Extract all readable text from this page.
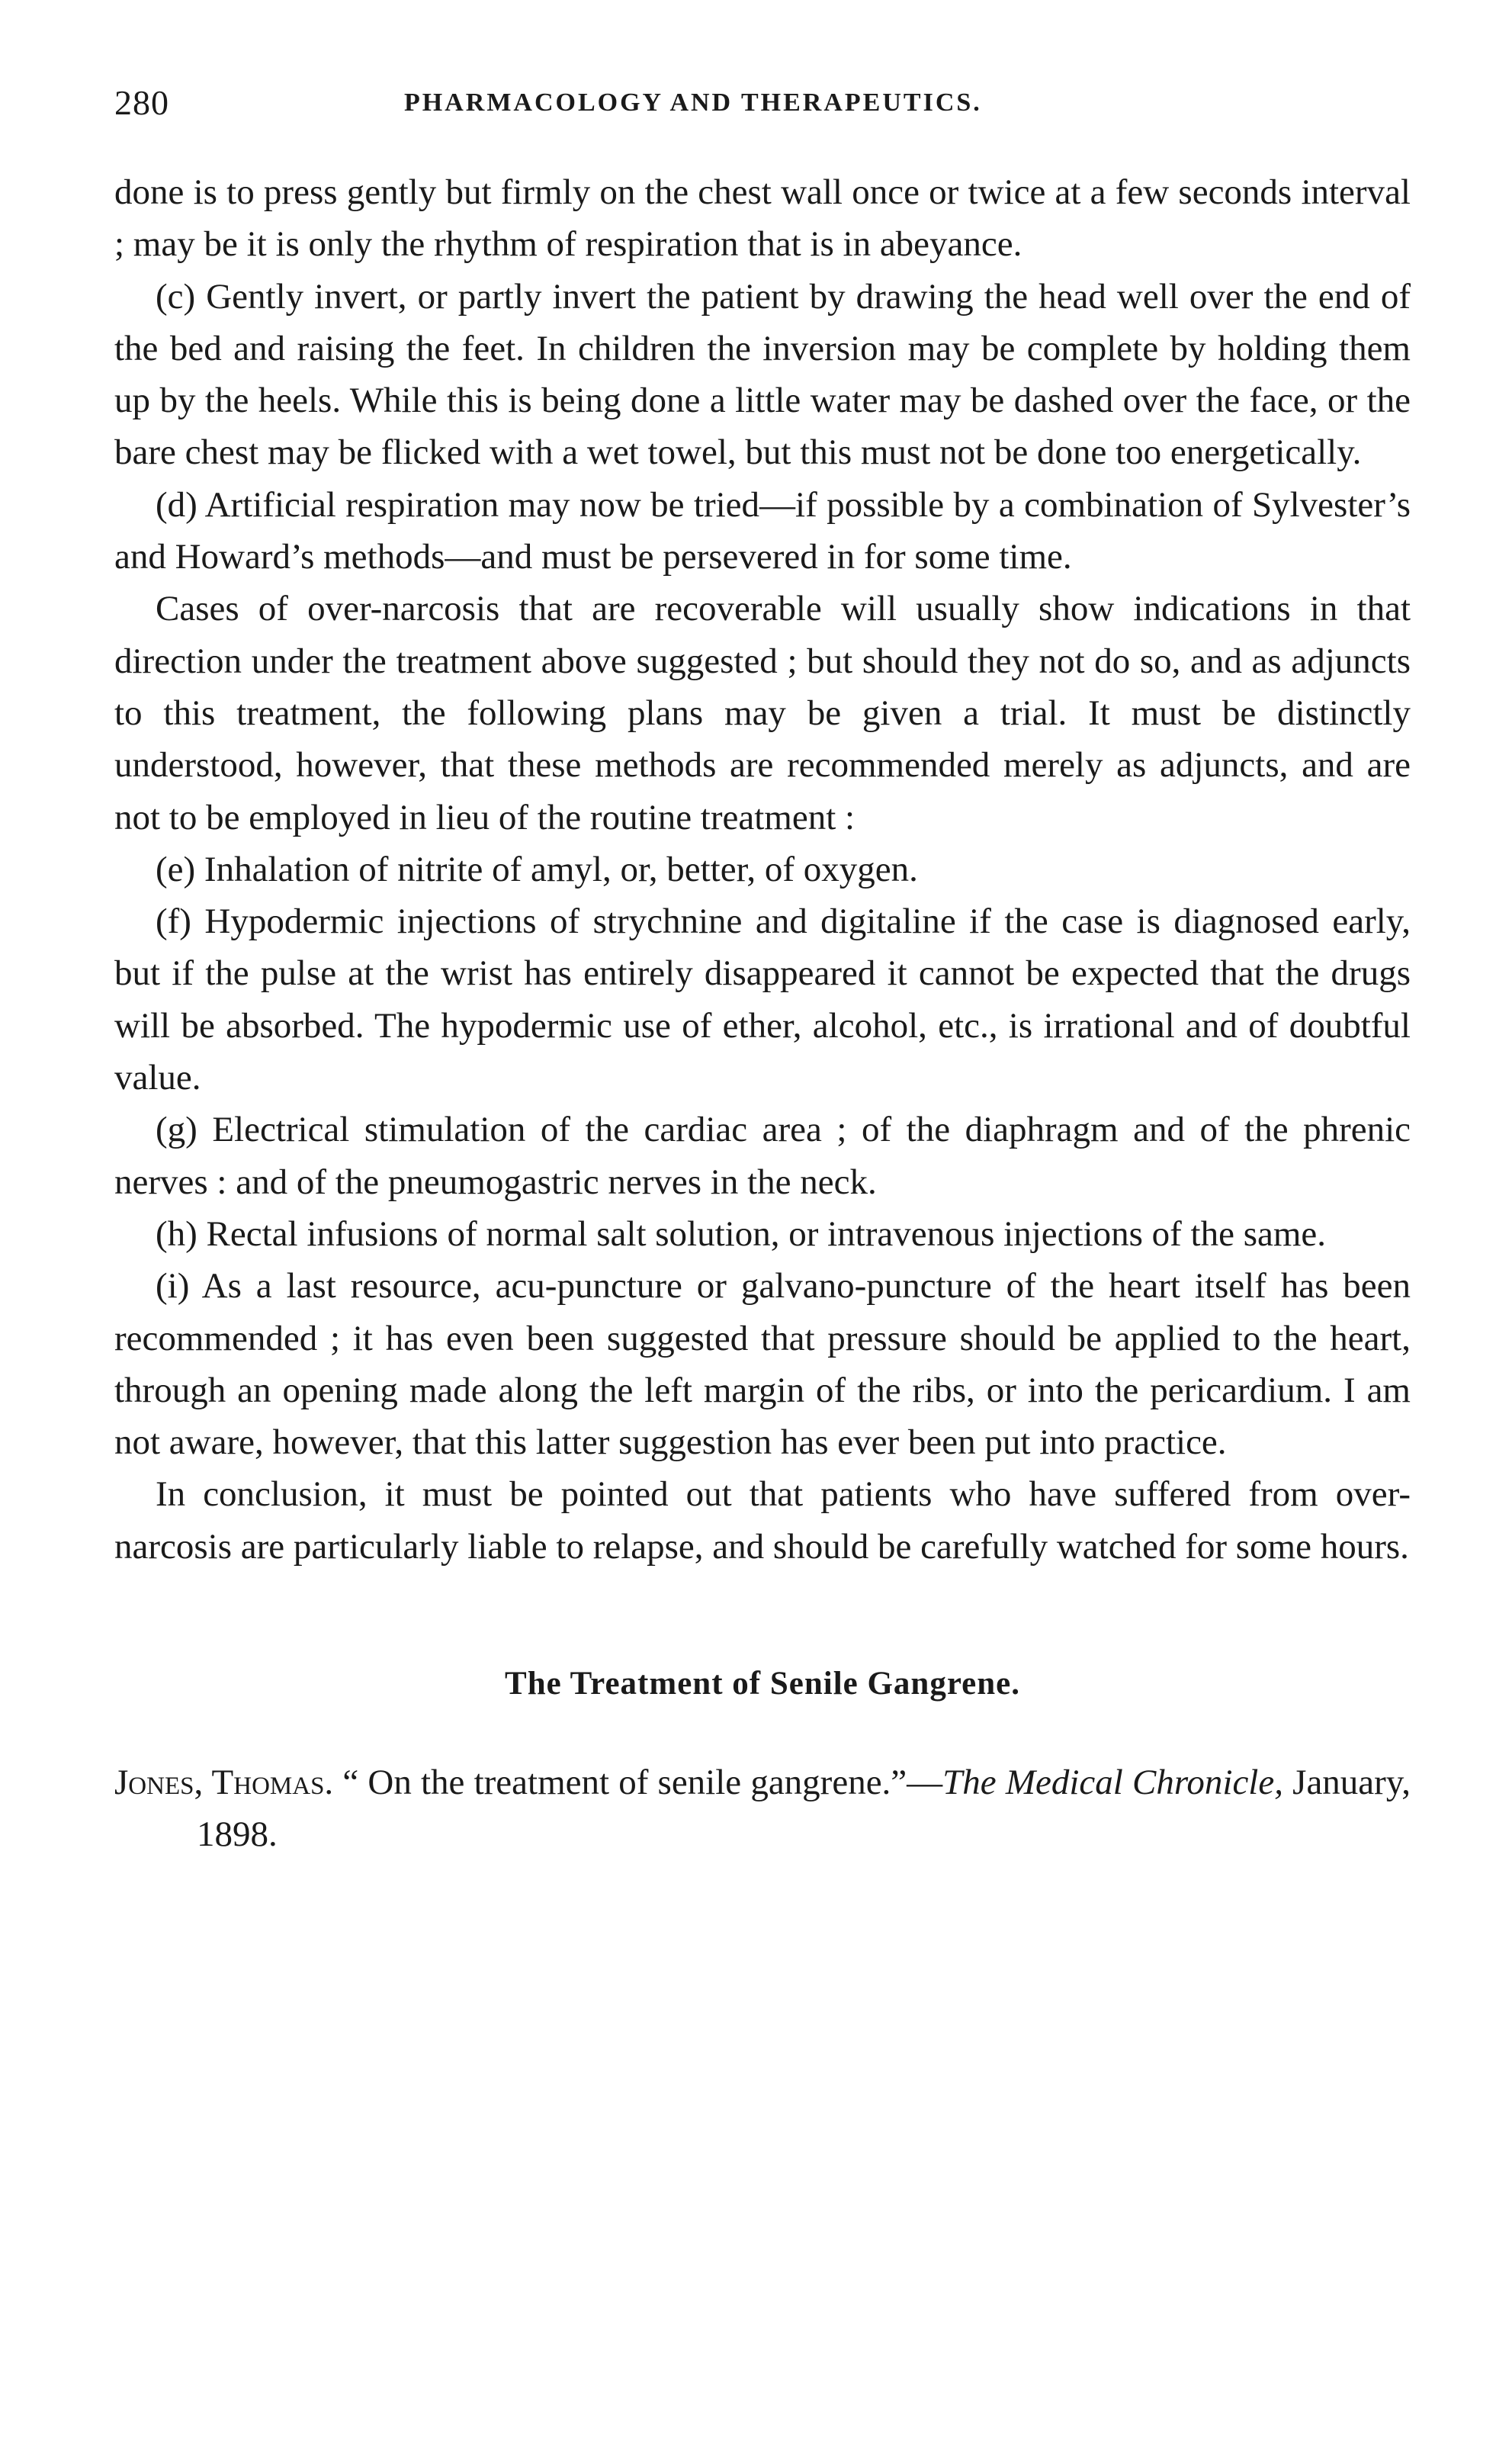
280	PHARMACOLOGY AND THERAPEUTICS.

done is to press gently but firmly on the chest wall once or twice at a few seconds interval ; may be it is only the rhythm of respiration that is in abeyance.

(c) Gently invert, or partly invert the patient by drawing the head well over the end of the bed and raising the feet. In children the inversion may be complete by holding them up by the heels. While this is being done a little water may be dashed over the face, or the bare chest may be flicked with a wet towel, but this must not be done too energetically.

(d) Artificial respiration may now be tried—if possible by a combination of Sylvester’s and Howard’s methods—and must be persevered in for some time.

Cases of over-narcosis that are recoverable will usually show indications in that direction under the treatment above suggested ; but should they not do so, and as adjuncts to this treatment, the following plans may be given a trial. It must be distinctly understood, however, that these methods are recommended merely as adjuncts, and are not to be employed in lieu of the routine treatment :

(e) Inhalation of nitrite of amyl, or, better, of oxygen.

(f) Hypodermic injections of strychnine and digitaline if the case is diagnosed early, but if the pulse at the wrist has entirely disappeared it cannot be expected that the drugs will be absorbed. The hypodermic use of ether, alcohol, etc., is irrational and of doubtful value.

(g) Electrical stimulation of the cardiac area ; of the diaphragm and of the phrenic nerves : and of the pneumogastric nerves in the neck.

(h) Rectal infusions of normal salt solution, or intravenous injections of the same.

(i) As a last resource, acu-puncture or galvano-puncture of the heart itself has been recommended ; it has even been suggested that pressure should be applied to the heart, through an opening made along the left margin of the ribs, or into the pericardium. I am not aware, however, that this latter suggestion has ever been put into practice.

In conclusion, it must be pointed out that patients who have suffered from over-narcosis are particularly liable to relapse, and should be carefully watched for some hours.

The Treatment of Senile Gangrene.

Jones, Thomas. “ On the treatment of senile gangrene.”—The Medical Chronicle, January, 1898.
